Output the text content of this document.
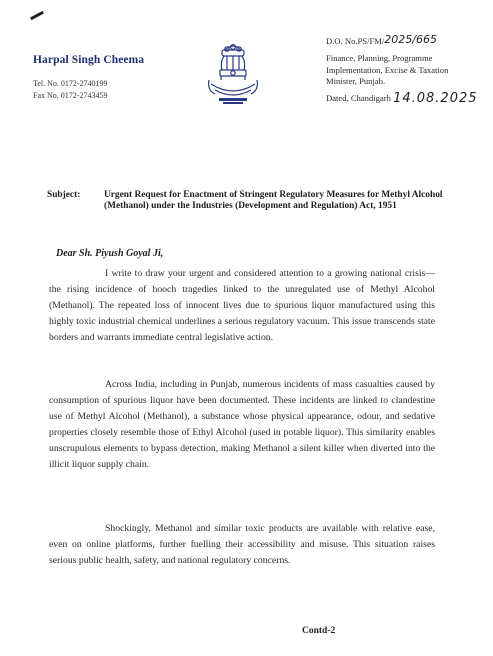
Harpal Singh Cheema
Tel. No. 0172-2740199
Fax No. 0172-2743459
D.O. No.PS/FM/2025/665
Finance, Planning, Programme
Implementation, Excise & Taxation
Minister, Punjab.
Dated, Chandigarh 14.08.2025
Subject:	Urgent Request for Enactment of Stringent Regulatory Measures for Methyl Alcohol (Methanol) under the Industries (Development and Regulation) Act, 1951
Dear Sh. Piyush Goyal Ji,
I write to draw your urgent and considered attention to a growing national crisis—the rising incidence of hooch tragedies linked to the unregulated use of Methyl Alcohol (Methanol). The repeated loss of innocent lives due to spurious liquor manufactured using this highly toxic industrial chemical underlines a serious regulatory vacuum. This issue transcends state borders and warrants immediate central legislative action.
Across India, including in Punjab, numerous incidents of mass casualties caused by consumption of spurious liquor have been documented. These incidents are linked to clandestine use of Methyl Alcohol (Methanol), a substance whose physical appearance, odour, and sedative properties closely resemble those of Ethyl Alcohol (used in potable liquor). This similarity enables unscrupulous elements to bypass detection, making Methanol a silent killer when diverted into the illicit liquor supply chain.
Shockingly, Methanol and similar toxic products are available with relative ease, even on online platforms, further fuelling their accessibility and misuse. This situation raises serious public health, safety, and national regulatory concerns.
Contd-2
